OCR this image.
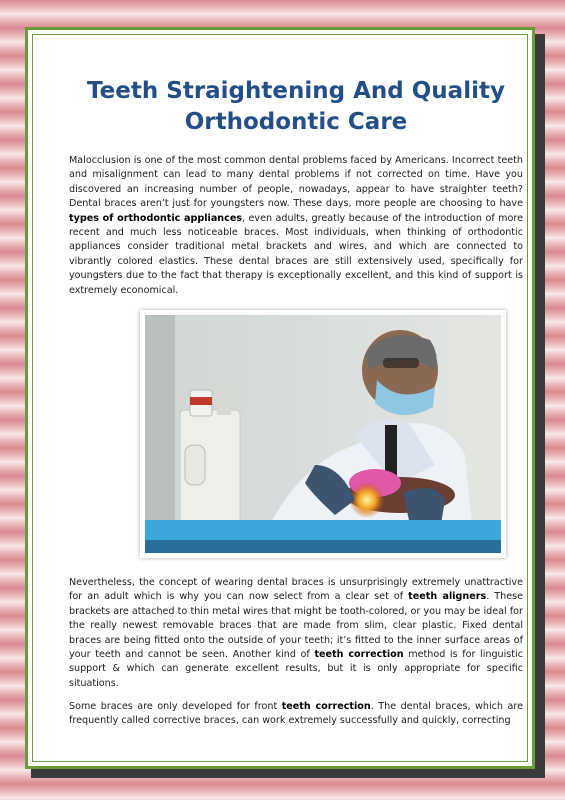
Teeth Straightening And Quality Orthodontic Care

Malocclusion is one of the most common dental problems faced by Americans. Incorrect teeth and misalignment can lead to many dental problems if not corrected on time. Have you discovered an increasing number of people, nowadays, appear to have straighter teeth? Dental braces aren’t just for youngsters now. These days, more people are choosing to have types of orthodontic appliances, even adults, greatly because of the introduction of more recent and much less noticeable braces. Most individuals, when thinking of orthodontic appliances consider traditional metal brackets and wires, and which are connected to vibrantly colored elastics. These dental braces are still extensively used, specifically for youngsters due to the fact that therapy is exceptionally excellent, and this kind of support is extremely economical.

Nevertheless, the concept of wearing dental braces is unsurprisingly extremely unattractive for an adult which is why you can now select from a clear set of teeth aligners. These brackets are attached to thin metal wires that might be tooth-colored, or you may be ideal for the really newest removable braces that are made from slim, clear plastic. Fixed dental braces are being fitted onto the outside of your teeth; it’s fitted to the inner surface areas of your teeth and cannot be seen. Another kind of teeth correction method is for linguistic support & which can generate excellent results, but it is only appropriate for specific situations.

Some braces are only developed for front teeth correction. The dental braces, which are frequently called corrective braces, can work extremely successfully and quickly, correcting
